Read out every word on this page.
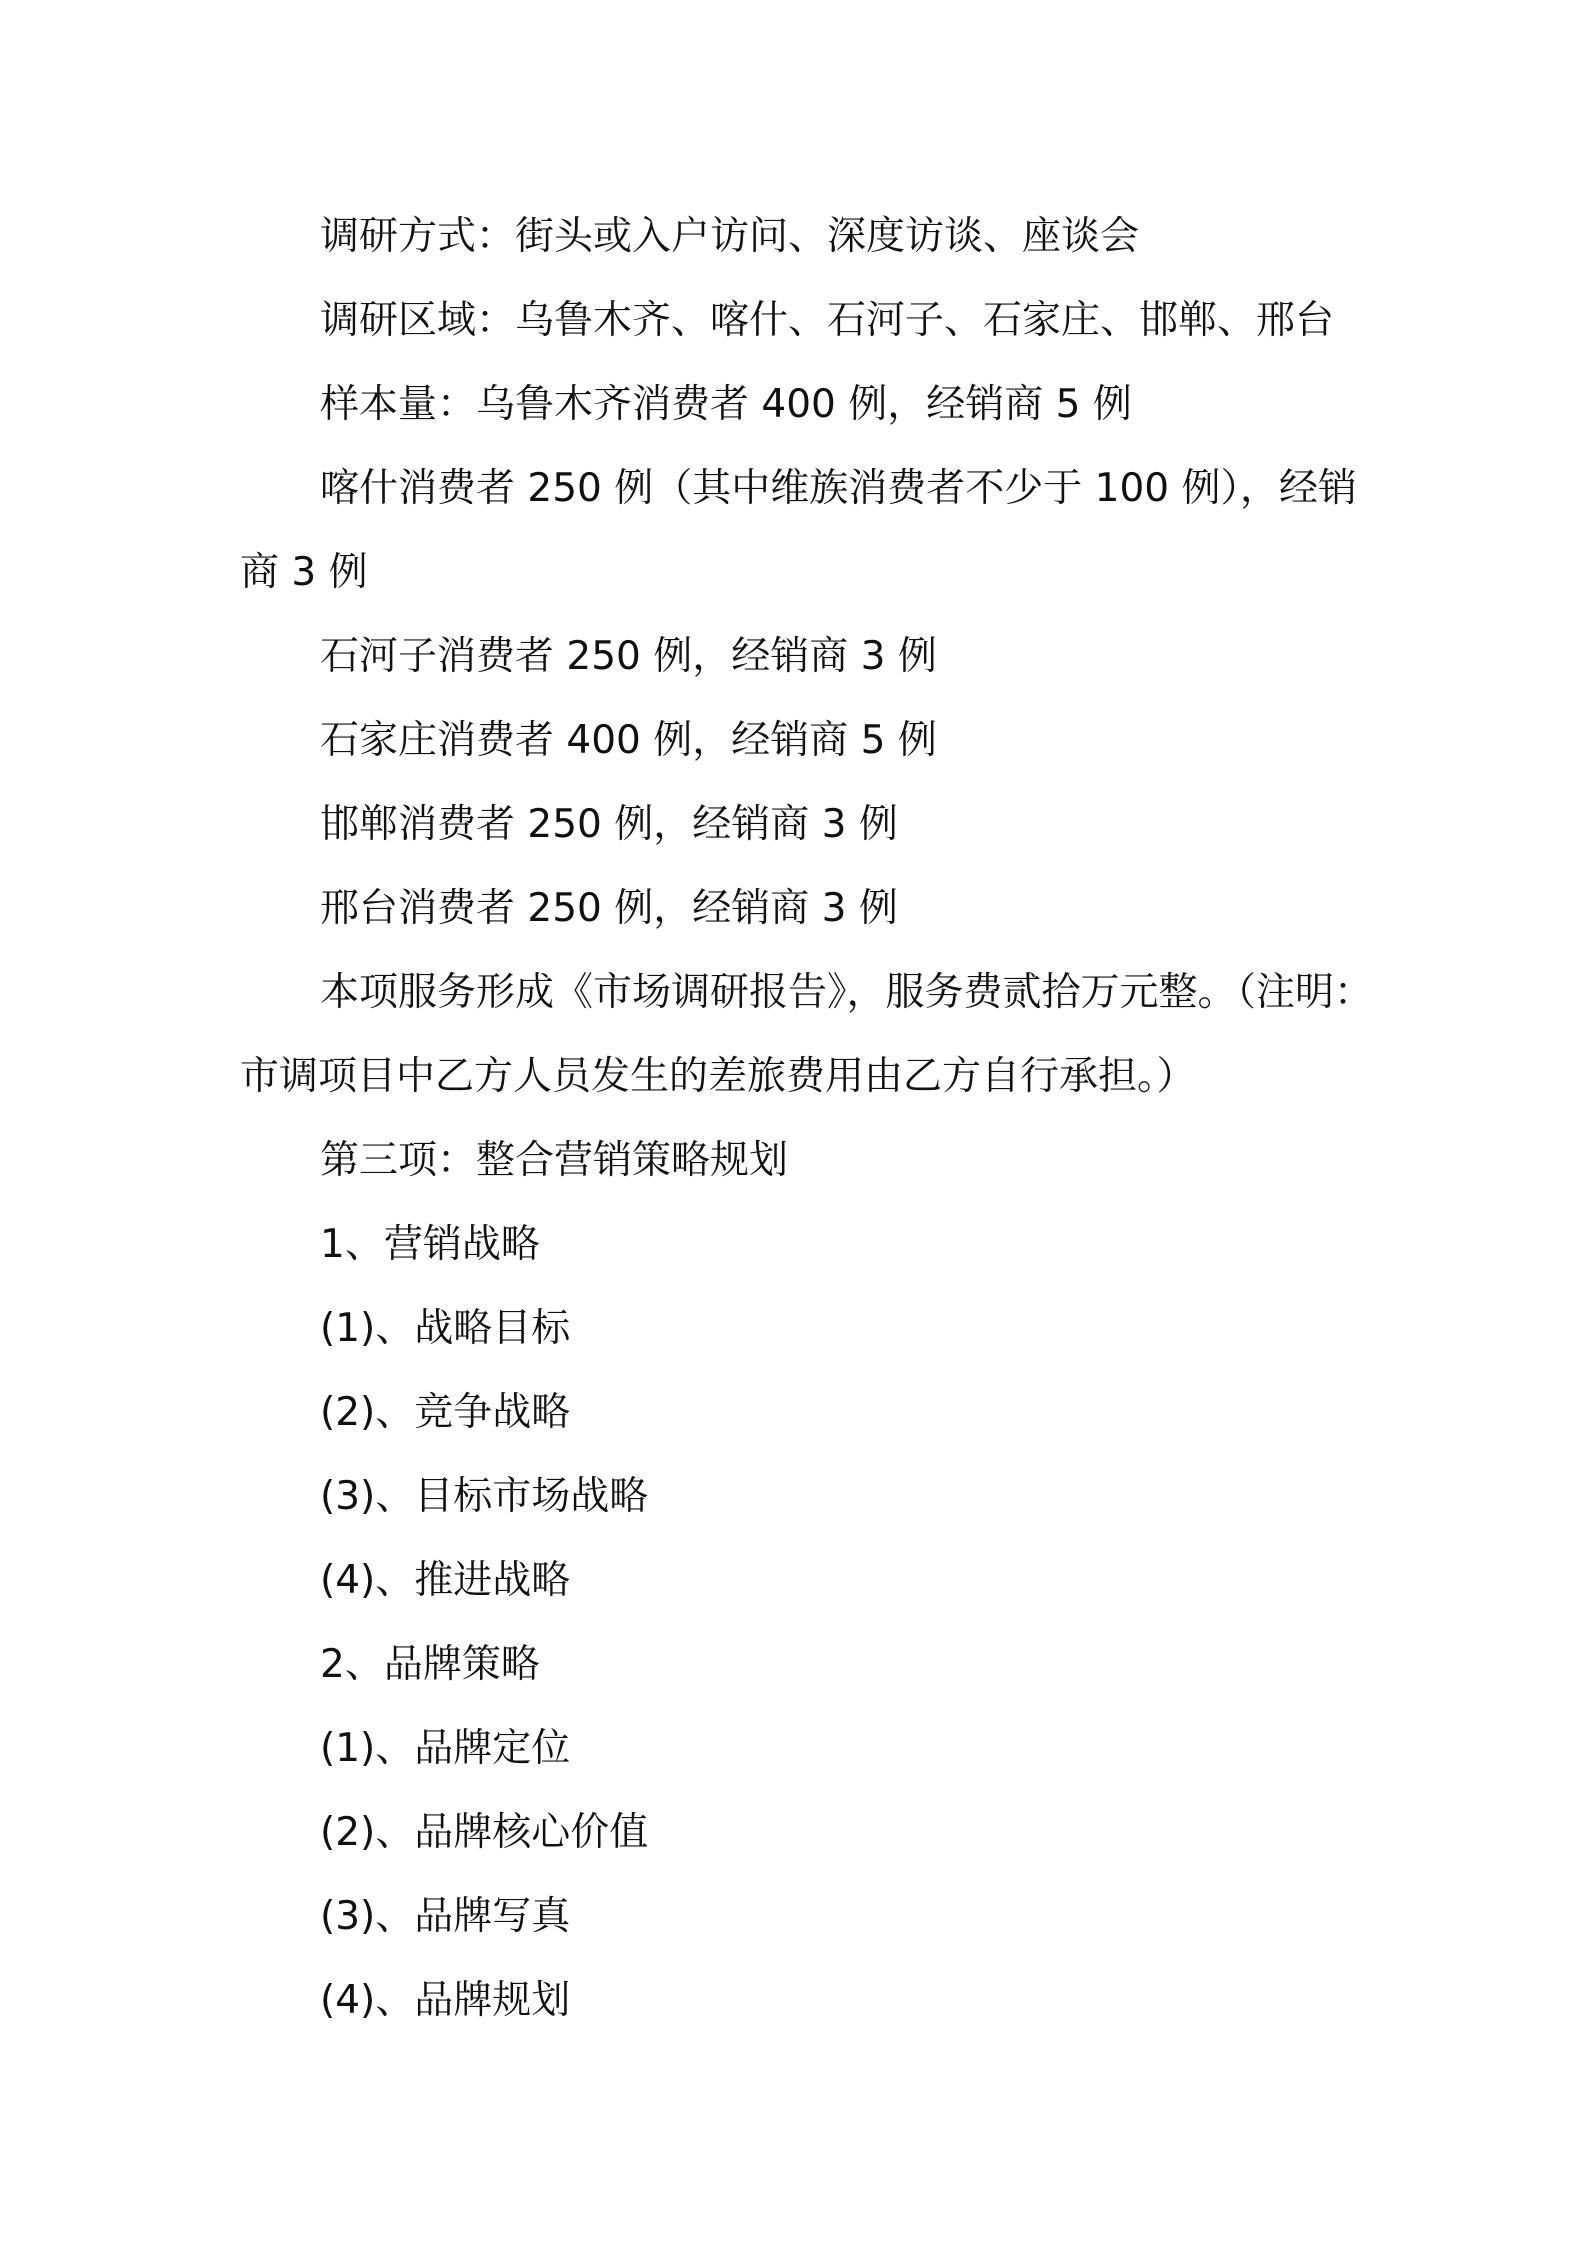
调研方式：街头或入户访问、深度访谈、座谈会

调研区域：乌鲁木齐、喀什、石河子、石家庄、邯郸、邢台

样本量：乌鲁木齐消费者 400 例，经销商 5 例

喀什消费者 250 例（其中维族消费者不少于 100 例），经销

商 3 例

石河子消费者 250 例，经销商 3 例

石家庄消费者 400 例，经销商 5 例

邯郸消费者 250 例，经销商 3 例

邢台消费者 250 例，经销商 3 例

本项服务形成《市场调研报告》，服务费贰拾万元整。（注明：

市调项目中乙方人员发生的差旅费用由乙方自行承担。）

第三项：整合营销策略规划

1、营销战略

(1)、战略目标

(2)、竞争战略

(3)、目标市场战略

(4)、推进战略

2、品牌策略

(1)、品牌定位

(2)、品牌核心价值

(3)、品牌写真

(4)、品牌规划
